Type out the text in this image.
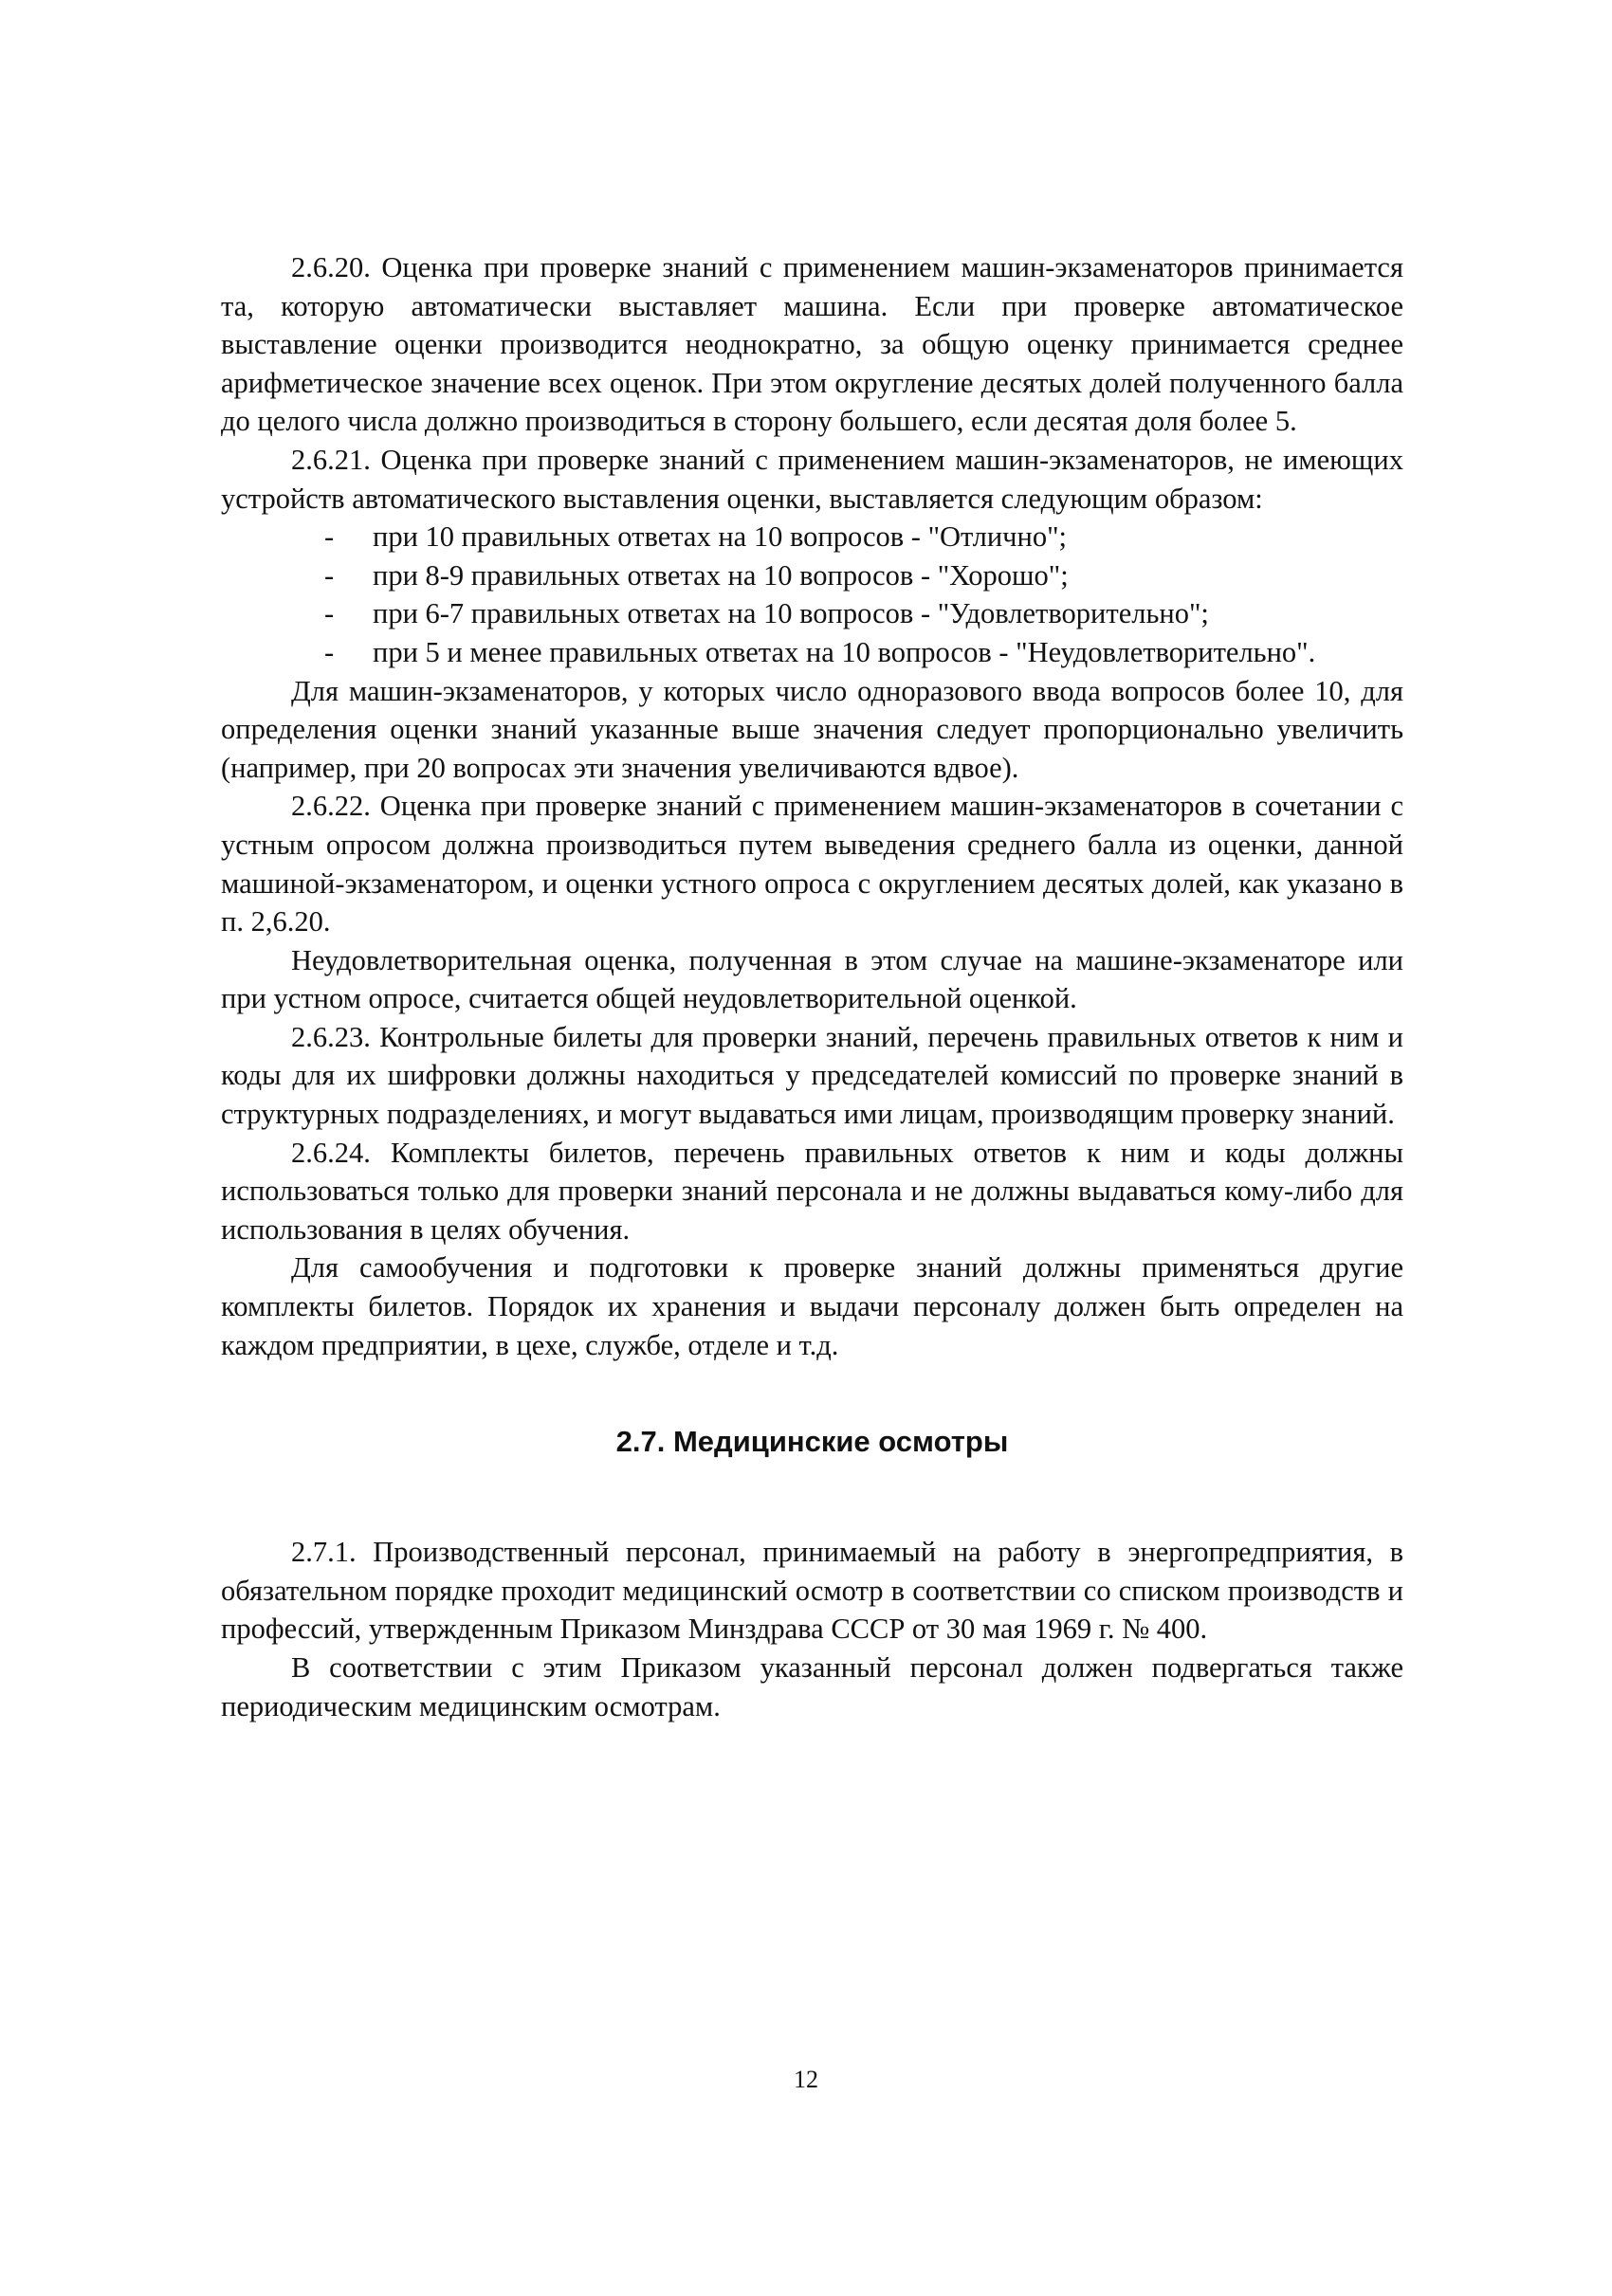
2.6.20. Оценка при проверке знаний с применением машин-экзаменаторов принимается та, которую автоматически выставляет машина. Если при проверке автоматическое выставление оценки производится неоднократно, за общую оценку принимается среднее арифметическое значение всех оценок. При этом округление десятых долей полученного балла до целого числа должно производиться в сторону большего, если десятая доля более 5.

2.6.21. Оценка при проверке знаний с применением машин-экзаменаторов, не имеющих устройств автоматического выставления оценки, выставляется следующим образом:

- при 10 правильных ответах на 10 вопросов - "Отлично";
- при 8-9 правильных ответах на 10 вопросов - "Хорошо";
- при 6-7 правильных ответах на 10 вопросов - "Удовлетворительно";
- при 5 и менее правильных ответах на 10 вопросов - "Неудовлетворительно".

Для машин-экзаменаторов, у которых число одноразового ввода вопросов более 10, для определения оценки знаний указанные выше значения следует пропорционально увеличить (например, при 20 вопросах эти значения увеличиваются вдвое).

2.6.22. Оценка при проверке знаний с применением машин-экзаменаторов в сочетании с устным опросом должна производиться путем выведения среднего балла из оценки, данной машиной-экзаменатором, и оценки устного опроса с округлением десятых долей, как указано в п. 2,6.20.

Неудовлетворительная оценка, полученная в этом случае на машине-экзаменаторе или при устном опросе, считается общей неудовлетворительной оценкой.

2.6.23. Контрольные билеты для проверки знаний, перечень правильных ответов к ним и коды для их шифровки должны находиться у председателей комиссий по проверке знаний в структурных подразделениях, и могут выдаваться ими лицам, производящим проверку знаний.

2.6.24. Комплекты билетов, перечень правильных ответов к ним и коды должны использоваться только для проверки знаний персонала и не должны выдаваться кому-либо для использования в целях обучения.

Для самообучения и подготовки к проверке знаний должны применяться другие комплекты билетов. Порядок их хранения и выдачи персоналу должен быть определен на каждом предприятии, в цехе, службе, отделе и т.д.

2.7. Медицинские осмотры

2.7.1. Производственный персонал, принимаемый на работу в энергопредприятия, в обязательном порядке проходит медицинский осмотр в соответствии со списком производств и профессий, утвержденным Приказом Минздрава СССР от 30 мая 1969 г. № 400.

В соответствии с этим Приказом указанный персонал должен подвергаться также периодическим медицинским осмотрам.

12
